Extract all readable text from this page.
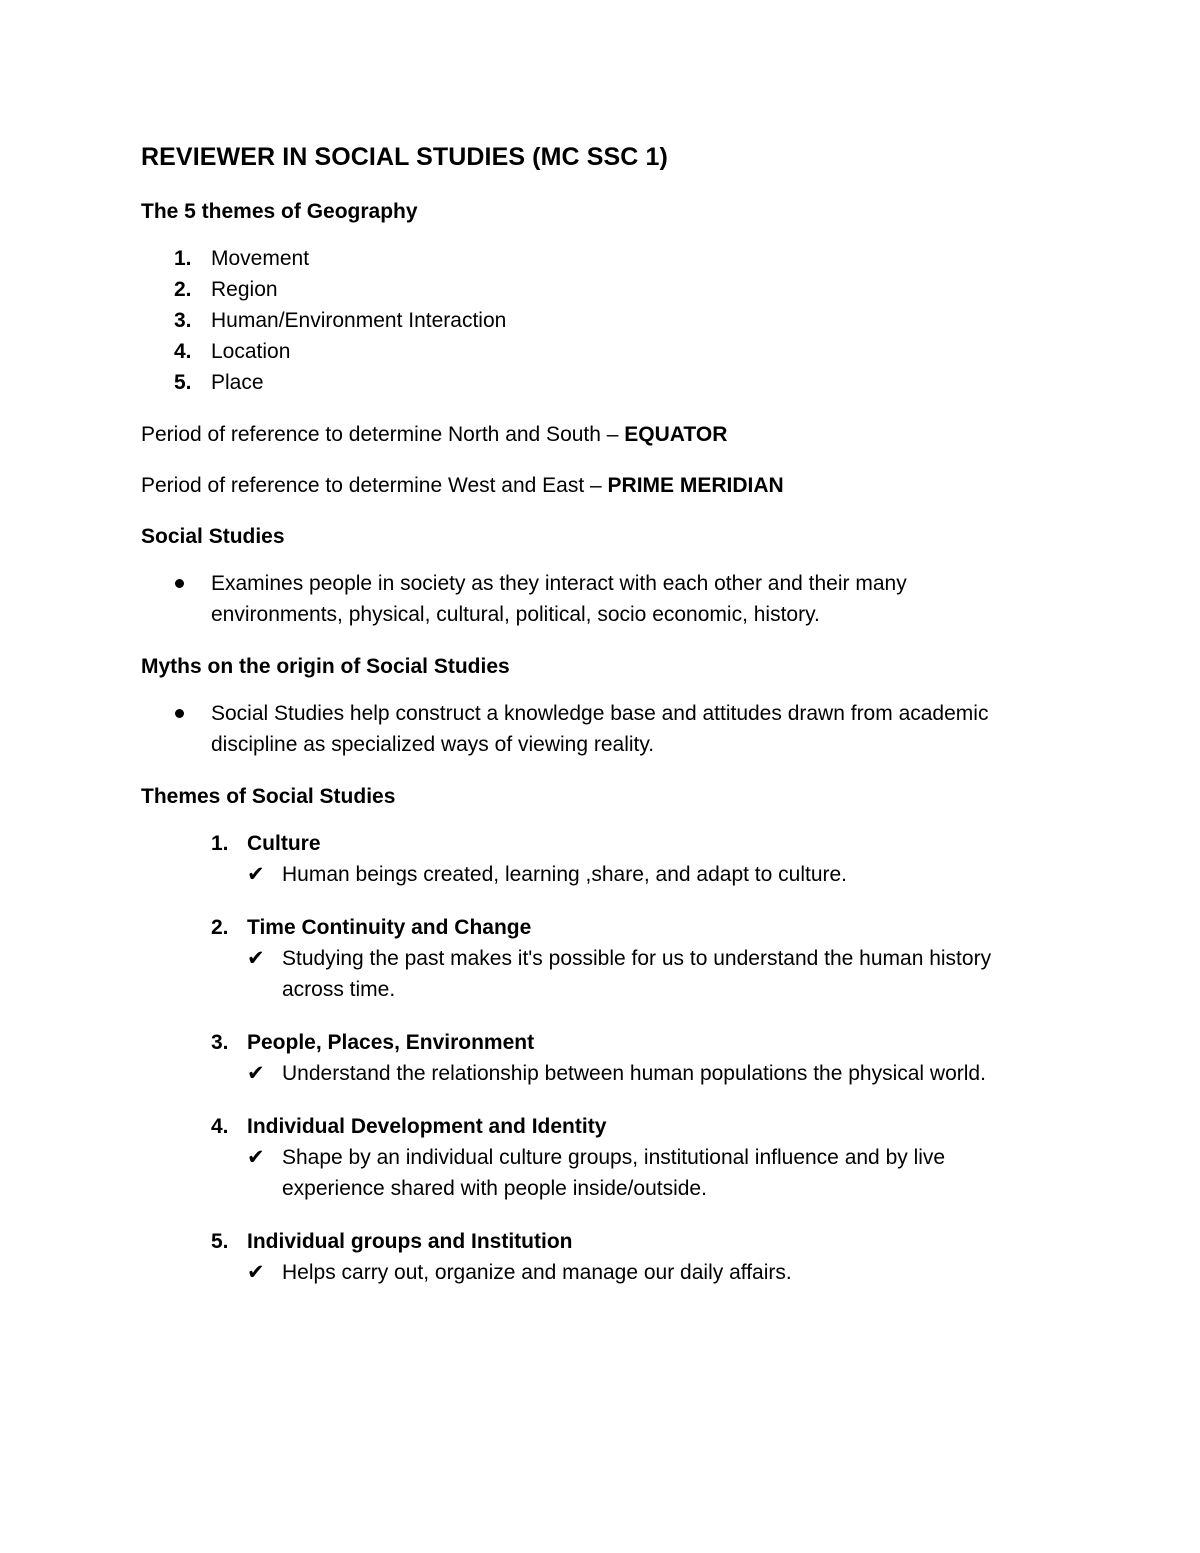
REVIEWER IN SOCIAL STUDIES (MC SSC 1)
The 5 themes of Geography
1. Movement
2. Region
3. Human/Environment Interaction
4. Location
5. Place
Period of reference to determine North and South – EQUATOR
Period of reference to determine West and East – PRIME MERIDIAN
Social Studies
Examines people in society as they interact with each other and their many environments, physical, cultural, political, socio economic, history.
Myths on the origin of Social Studies
Social Studies help construct a knowledge base and attitudes drawn from academic discipline as specialized ways of viewing reality.
Themes of Social Studies
1. Culture
✔ Human beings created, learning ,share, and adapt to culture.
2. Time Continuity and Change
✔ Studying the past makes it's possible for us to understand the human history across time.
3. People, Places, Environment
✔ Understand the relationship between human populations the physical world.
4. Individual Development and Identity
✔ Shape by an individual culture groups, institutional influence and by live experience shared with people inside/outside.
5. Individual groups and Institution
✔ Helps carry out, organize and manage our daily affairs.
